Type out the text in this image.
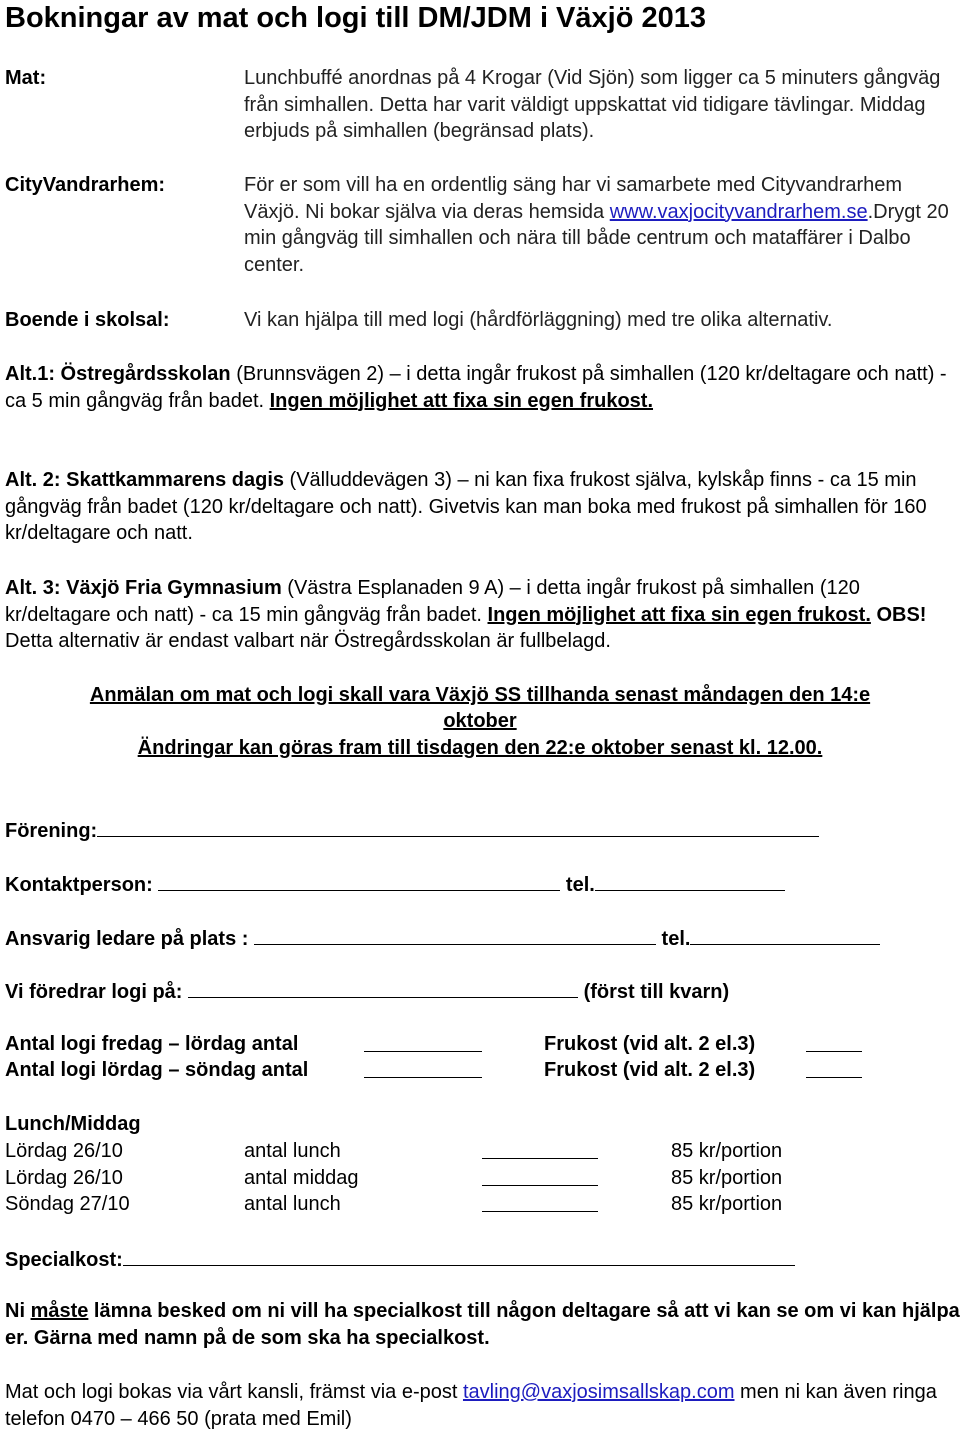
Bokningar av mat och logi till DM/JDM i Växjö 2013
Mat:	Lunchbuffé anordnas på 4 Krogar (Vid Sjön) som ligger ca 5 minuters gångväg från simhallen. Detta har varit väldigt uppskattat vid tidigare tävlingar. Middag erbjuds på simhallen (begränsad plats).
CityVandrarhem:	För er som vill ha en ordentlig säng har vi samarbete med Cityvandrarhem Växjö. Ni bokar själva via deras hemsida www.vaxjocityvandrarhem.se.Drygt 20 min gångväg till simhallen och nära till både centrum och mataffärer i Dalbo center.
Boende i skolsal:	Vi kan hjälpa till med logi (hårdförläggning) med tre olika alternativ.
Alt.1: Östregårdsskolan (Brunnsvägen 2) – i detta ingår frukost på simhallen (120 kr/deltagare och natt) - ca 5 min gångväg från badet. Ingen möjlighet att fixa sin egen frukost.
Alt. 2: Skattkammarens dagis (Välluddevägen 3) – ni kan fixa frukost själva, kylskåp finns - ca 15 min gångväg från badet (120 kr/deltagare och natt). Givetvis kan man boka med frukost på simhallen för 160 kr/deltagare och natt.
Alt. 3: Växjö Fria Gymnasium (Västra Esplanaden 9 A) – i detta ingår frukost på simhallen (120 kr/deltagare och natt) - ca 15 min gångväg från badet. Ingen möjlighet att fixa sin egen frukost. OBS! Detta alternativ är endast valbart när Östregårdsskolan är fullbelagd.
Anmälan om mat och logi skall vara Växjö SS tillhanda senast måndagen den 14:e
oktober
Ändringar kan göras fram till tisdagen den 22:e oktober senast kl. 12.00.
Förening:
Kontaktperson:	tel.
Ansvarig ledare på plats :	tel.
Vi föredrar logi på:	(först till kvarn)
Antal logi fredag – lördag antal	Frukost (vid alt. 2 el.3)
Antal logi lördag – söndag antal	Frukost (vid alt. 2 el.3)
Lunch/Middag
Lördag 26/10	antal lunch	85 kr/portion
Lördag 26/10	antal middag	85 kr/portion
Söndag 27/10	antal lunch	85 kr/portion
Specialkost:
Ni måste lämna besked om ni vill ha specialkost till någon deltagare så att vi kan se om vi kan hjälpa er. Gärna med namn på de som ska ha specialkost.
Mat och logi bokas via vårt kansli, främst via e-post tavling@vaxjosimsallskap.com men ni kan även ringa telefon 0470 – 466 50 (prata med Emil)
